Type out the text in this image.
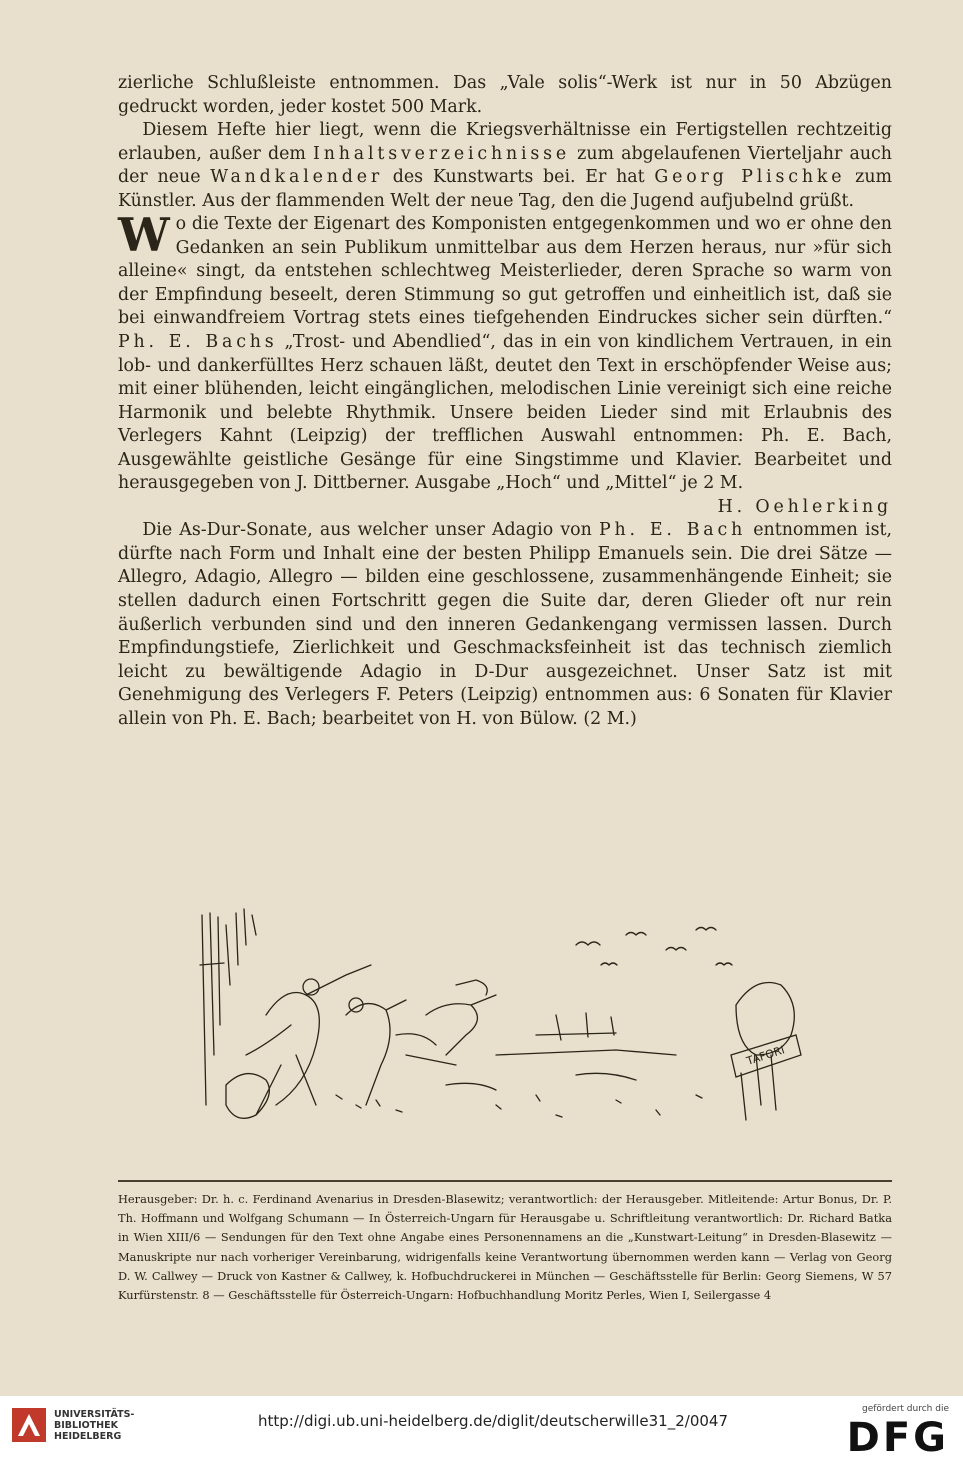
zierliche Schlußleiste entnommen. Das „Vale solis“-Werk ist nur in 50 Abzügen gedruckt worden, jeder kostet 500 Mark.

Diesem Hefte hier liegt, wenn die Kriegsverhältnisse ein Fertigstellen rechtzeitig erlauben, außer dem Inhaltsverzeichnisse zum abgelaufenen Vierteljahr auch der neue Wandkalender des Kunstwarts bei. Er hat Georg Plischke zum Künstler. Aus der flammenden Welt der neue Tag, den die Jugend aufjubelnd grüßt.

Wo die Texte der Eigenart des Komponisten entgegenkommen und wo er ohne den Gedanken an sein Publikum unmittelbar aus dem Herzen heraus, nur »für sich alleine« singt, da entstehen schlechtweg Meisterlieder, deren Sprache so warm von der Empfindung beseelt, deren Stimmung so gut getroffen und einheitlich ist, daß sie bei einwandfreiem Vortrag stets eines tiefgehenden Eindruckes sicher sein dürften.“ Ph. E. Bachs „Trost- und Abendlied“, das in ein von kindlichem Vertrauen, in ein lob- und dankerfülltes Herz schauen läßt, deutet den Text in erschöpfender Weise aus; mit einer blühenden, leicht eingänglichen, melodischen Linie vereinigt sich eine reiche Harmonik und belebte Rhythmik. Unsere beiden Lieder sind mit Erlaubnis des Verlegers Kahnt (Leipzig) der trefflichen Auswahl entnommen: Ph. E. Bach, Ausgewählte geistliche Gesänge für eine Singstimme und Klavier. Bearbeitet und herausgegeben von J. Dittberner. Ausgabe „Hoch“ und „Mittel“ je 2 M.
H. Oehlerking

Die As-Dur-Sonate, aus welcher unser Adagio von Ph. E. Bach entnommen ist, dürfte nach Form und Inhalt eine der besten Philipp Emanuels sein. Die drei Sätze — Allegro, Adagio, Allegro — bilden eine geschlossene, zusammenhängende Einheit; sie stellen dadurch einen Fortschritt gegen die Suite dar, deren Glieder oft nur rein äußerlich verbunden sind und den inneren Gedankengang vermissen lassen. Durch Empfindungstiefe, Zierlichkeit und Geschmacksfeinheit ist das technisch ziemlich leicht zu bewältigende Adagio in D-Dur ausgezeichnet. Unser Satz ist mit Genehmigung des Verlegers F. Peters (Leipzig) entnommen aus: 6 Sonaten für Klavier allein von Ph. E. Bach; bearbeitet von H. von Bülow. (2 M.)

TAFORI
Herausgeber: Dr. h. c. Ferdinand Avenarius in Dresden-Blasewitz; verantwortlich: der Herausgeber. Mitleitende: Artur Bonus, Dr. P. Th. Hoffmann und Wolfgang Schumann — In Österreich-Ungarn für Herausgabe u. Schriftleitung verantwortlich: Dr. Richard Batka in Wien XIII/6 — Sendungen für den Text ohne Angabe eines Personennamens an die „Kunstwart-Leitung“ in Dresden-Blasewitz — Manuskripte nur nach vorheriger Vereinbarung, widrigenfalls keine Verantwortung übernommen werden kann — Verlag von Georg D. W. Callwey — Druck von Kastner & Callwey, k. Hofbuchdruckerei in München — Geschäftsstelle für Berlin: Georg Siemens, W 57 Kurfürstenstr. 8 — Geschäftsstelle für Österreich-Ungarn: Hofbuchhandlung Moritz Perles, Wien I, Seilergasse 4
UNIVERSITÄTS-
BIBLIOTHEK
HEIDELBERG
http://digi.ub.uni-heidelberg.de/diglit/deutscherwille31_2/0047
gefördert durch die
DFG
